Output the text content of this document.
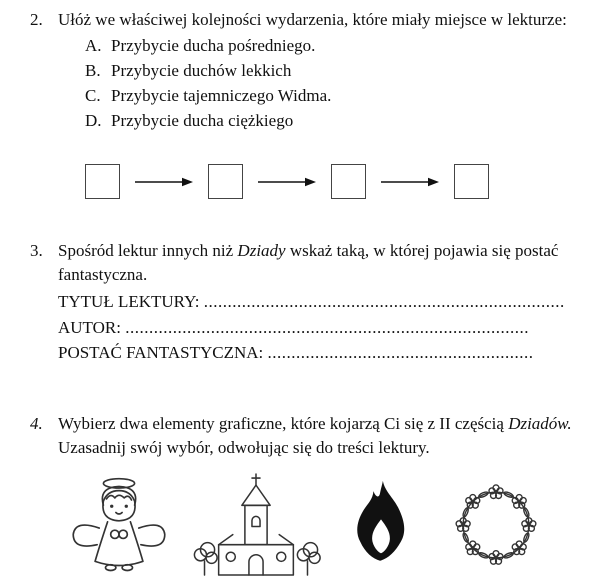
2. Ułóż we właściwej kolejności wydarzenia, które miały miejsce w lekturze:
A. Przybycie ducha pośredniego.
B. Przybycie duchów lekkich
C. Przybycie tajemniczego Widma.
D. Przybycie ducha ciężkiego
3. Spośród lektur innych niż Dziady wskaż taką, w której pojawia się postać fantastyczna.
TYTUŁ LEKTURY: ............................................................................
AUTOR: .....................................................................................
POSTAĆ FANTASTYCZNA: ........................................................
4. Wybierz dwa elementy graficzne, które kojarzą Ci się z II częścią Dziadów. Uzasadnij swój wybór, odwołując się do treści lektury.
